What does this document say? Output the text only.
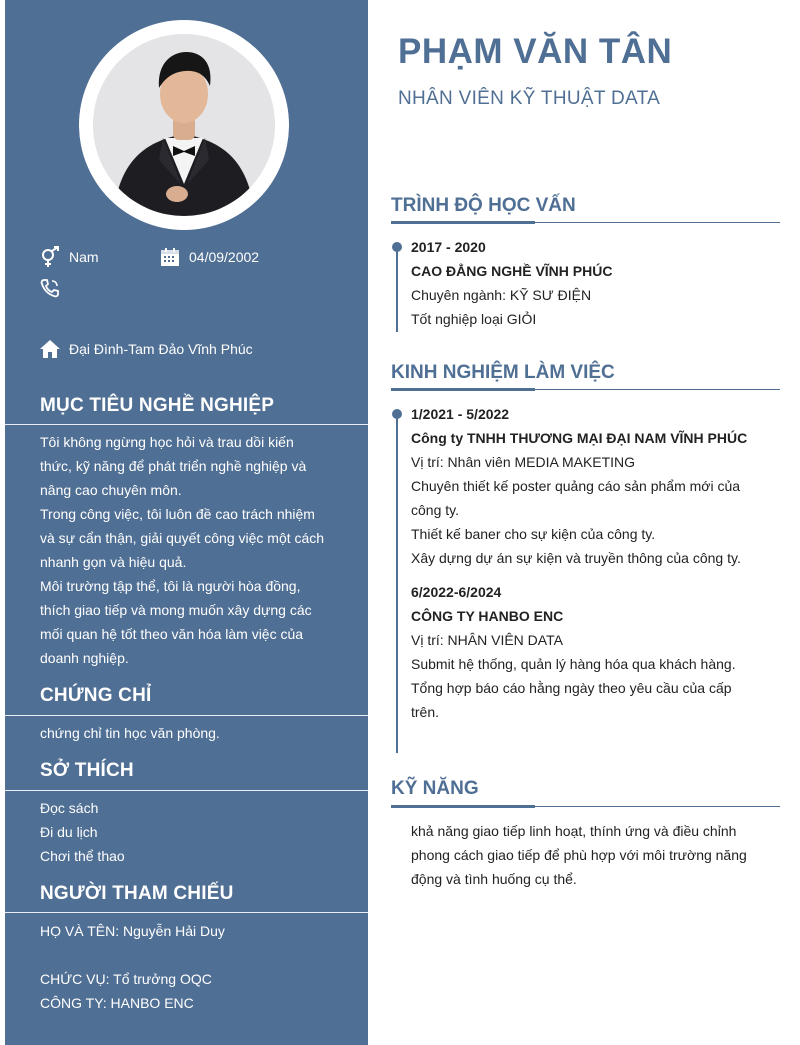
Nam	04/09/2002
Đại Đình-Tam Đảo Vĩnh Phúc
MỤC TIÊU NGHỀ NGHIỆP
Tôi không ngừng học hỏi và trau dồi kiến
thức, kỹ năng để phát triển nghề nghiệp và
nâng cao chuyên môn.
Trong công việc, tôi luôn đề cao trách nhiệm
và sự cẩn thận, giải quyết công việc một cách
nhanh gọn và hiệu quả.
Môi trường tập thể, tôi là người hòa đồng,
thích giao tiếp và mong muốn xây dựng các
mối quan hệ tốt theo văn hóa làm việc của
doanh nghiệp.
CHỨNG CHỈ
chứng chỉ tin học văn phòng.
SỞ THÍCH
Đọc sách
Đi du lịch
Chơi thể thao
NGƯỜI THAM CHIẾU
HỌ VÀ TÊN: Nguyễn Hải Duy
CHỨC VỤ: Tổ trưởng OQC
CÔNG TY: HANBO ENC
PHẠM VĂN TÂN
NHÂN VIÊN KỸ THUẬT DATA
TRÌNH ĐỘ HỌC VẤN
2017 - 2020
CAO ĐẲNG NGHỀ VĨNH PHÚC
Chuyên ngành: KỸ SƯ ĐIỆN
Tốt nghiệp loại GIỎI
KINH NGHIỆM LÀM VIỆC
1/2021 - 5/2022
Công ty TNHH THƯƠNG MẠI ĐẠI NAM VĨNH PHÚC
Vị trí: Nhân viên MEDIA MAKETING
Chuyên thiết kế poster quảng cáo sản phẩm mới của
công ty.
Thiết kế baner cho sự kiện của công ty.
Xây dựng dự án sự kiện và truyền thông của công ty.
6/2022-6/2024
CÔNG TY HANBO ENC
Vị trí: NHÂN VIÊN DATA
Submit hệ thống, quản lý hàng hóa qua khách hàng.
Tổng hợp báo cáo hằng ngày theo yêu cầu của cấp
trên.
KỸ NĂNG
khả năng giao tiếp linh hoạt, thính ứng và điều chỉnh
phong cách giao tiếp để phù hợp với môi trường năng
động và tình huống cụ thể.
